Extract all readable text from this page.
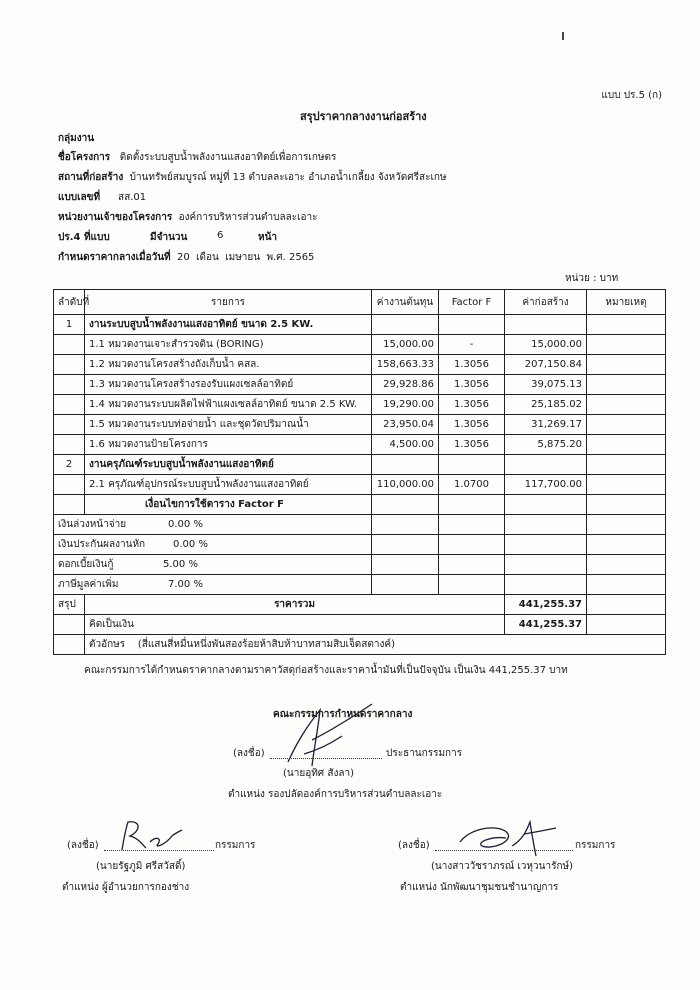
แบบ ปร.5 (ก)
สรุปราคากลางงานก่อสร้าง
กลุ่มงาน
ชื่อโครงการ ติดตั้งระบบสูบน้ำพลังงานแสงอาทิตย์เพื่อการเกษตร
สถานที่ก่อสร้าง บ้านทรัพย์สมบูรณ์ หมู่ที่ 13 ตำบลละเอาะ อำเภอน้ำเกลี้ยง จังหวัดศรีสะเกษ
แบบเลขที่ สส.01
หน่วยงานเจ้าของโครงการ องค์การบริหารส่วนตำบลละเอาะ
ปร.4 ที่แบบ	มีจำนวน	6	หน้า
กำหนดราคากลางเมื่อวันที่ 20 เดือน เมษายน พ.ศ. 2565
หน่วย : บาท
ลำดับที่	รายการ	ค่างานต้นทุน	Factor F	ค่าก่อสร้าง	หมายเหตุ
1	งานระบบสูบน้ำพลังงานแสงอาทิตย์ ขนาด 2.5 KW.				
	1.1 หมวดงานเจาะสำรวจดิน (BORING)	15,000.00	-	15,000.00	
	1.2 หมวดงานโครงสร้างถังเก็บน้ำ คสล.	158,663.33	1.3056	207,150.84	
	1.3 หมวดงานโครงสร้างรองรับแผงเซลล์อาทิตย์	29,928.86	1.3056	39,075.13	
	1.4 หมวดงานระบบผลิตไฟฟ้าแผงเซลล์อาทิตย์ ขนาด 2.5 KW.	19,290.00	1.3056	25,185.02	
	1.5 หมวดงานระบบท่อจ่ายน้ำ และชุดวัดปริมาณน้ำ	23,950.04	1.3056	31,269.17	
	1.6 หมวดงานป้ายโครงการ	4,500.00	1.3056	5,875.20	
2	งานครุภัณฑ์ระบบสูบน้ำพลังงานแสงอาทิตย์				
	2.1 ครุภัณฑ์อุปกรณ์ระบบสูบน้ำพลังงานแสงอาทิตย์	110,000.00	1.0700	117,700.00	
	เงื่อนไขการใช้ตาราง Factor F				
เงินล่วงหน้าจ่าย 0.00 %					
เงินประกันผลงานหัก 0.00 %					
ดอกเบี้ยเงินกู้ 5.00 %					
ภาษีมูลค่าเพิ่ม 7.00 %					
สรุป	ราคารวม			441,255.37	
	คิดเป็นเงิน			441,255.37	
	ตัวอักษร (สี่แสนสี่หมื่นหนึ่งพันสองร้อยห้าสิบห้าบาทสามสิบเจ็ดสตางค์)				
คณะกรรมการได้กำหนดราคากลางตามราคาวัสดุก่อสร้างและราคาน้ำมันที่เป็นปัจจุบัน เป็นเงิน 441,255.37 บาท
คณะกรรมการกำหนดราคากลาง
(ลงชื่อ)	ประธานกรรมการ
(นายอุทิศ สังลา)
ตำแหน่ง รองปลัดองค์การบริหารส่วนตำบลละเอาะ
(ลงชื่อ)	กรรมการ
(นายรัฐภูมิ ศรีสวัสดิ์)
ตำแหน่ง ผู้อำนวยการกองช่าง
(ลงชื่อ)	กรรมการ
(นางสาววัชราภรณ์ เวหุวนารักษ์)
ตำแหน่ง นักพัฒนาชุมชนชำนาญการ
